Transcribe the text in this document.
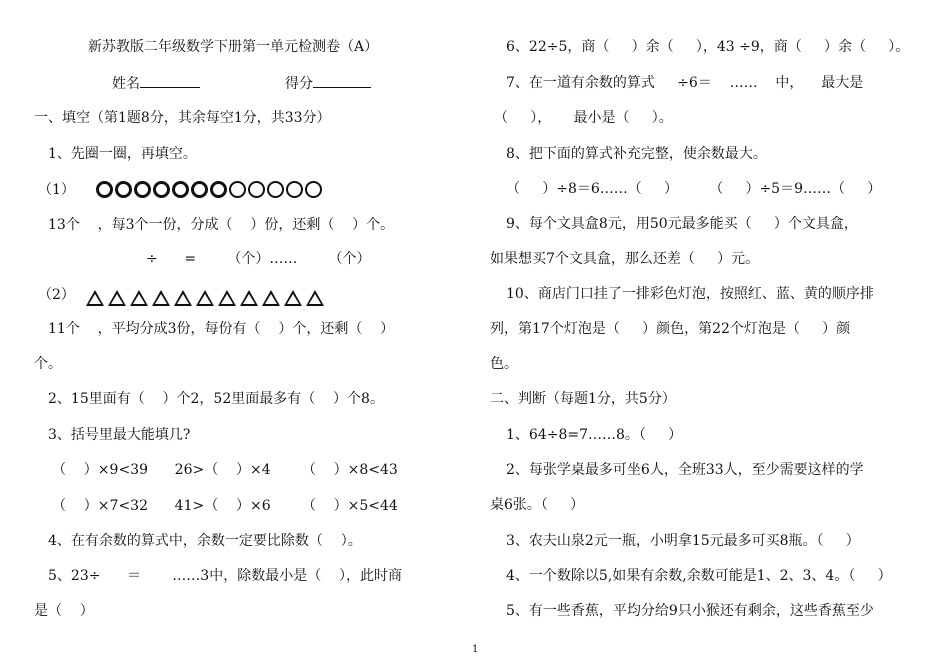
新苏教版二年级数学下册第一单元检测卷（A）
姓名	得分
一、填空（第1题8分，其余每空1分，共33分）
1、先圈一圈，再填空。
（1）
13个    ，每3个一份，分成（    ）份，还剩（    ）个。
÷      =       （个）……       （个）
（2）
11个    ，平均分成3份，每份有（    ）个，还剩（    ）
个。
2、15里面有（    ）个2，52里面最多有（    ）个8。
3、括号里最大能填几?
（    ）×9<39      26>（    ）×4       （    ）×8<43
（    ）×7<32      41>（    ）×6       （    ）×5<44
4、在有余数的算式中，余数一定要比除数（    ）。
5、23÷      ＝       ……3中，除数最小是（    ），此时商
是（    ）
6、22÷5，商（     ）余（     ），43 ÷9，商（     ）余（     ）。
7、在一道有余数的算式     ÷6＝    ……    中，    最大是
（     ），     最小是（     ）。
8、把下面的算式补充完整，使余数最大。
（     ）÷8＝6……（     ）       （     ）÷5＝9……（     ）
9、每个文具盒8元，用50元最多能买（     ）个文具盒，
如果想买7个文具盒，那么还差（     ）元。
10、商店门口挂了一排彩色灯泡，按照红、蓝、黄的顺序排
列，第17个灯泡是（     ）颜色，第22个灯泡是（     ）颜
色。
二、判断（每题1分，共5分）
1、64÷8=7……8。（     ）
2、每张学桌最多可坐6人，全班33人，至少需要这样的学
桌6张。（     ）
3、农夫山泉2元一瓶，小明拿15元最多可买8瓶。（     ）
4、一个数除以5,如果有余数,余数可能是1、2、3、4。（     ）
5、有一些香蕉，平均分给9只小猴还有剩余，这些香蕉至少
1
